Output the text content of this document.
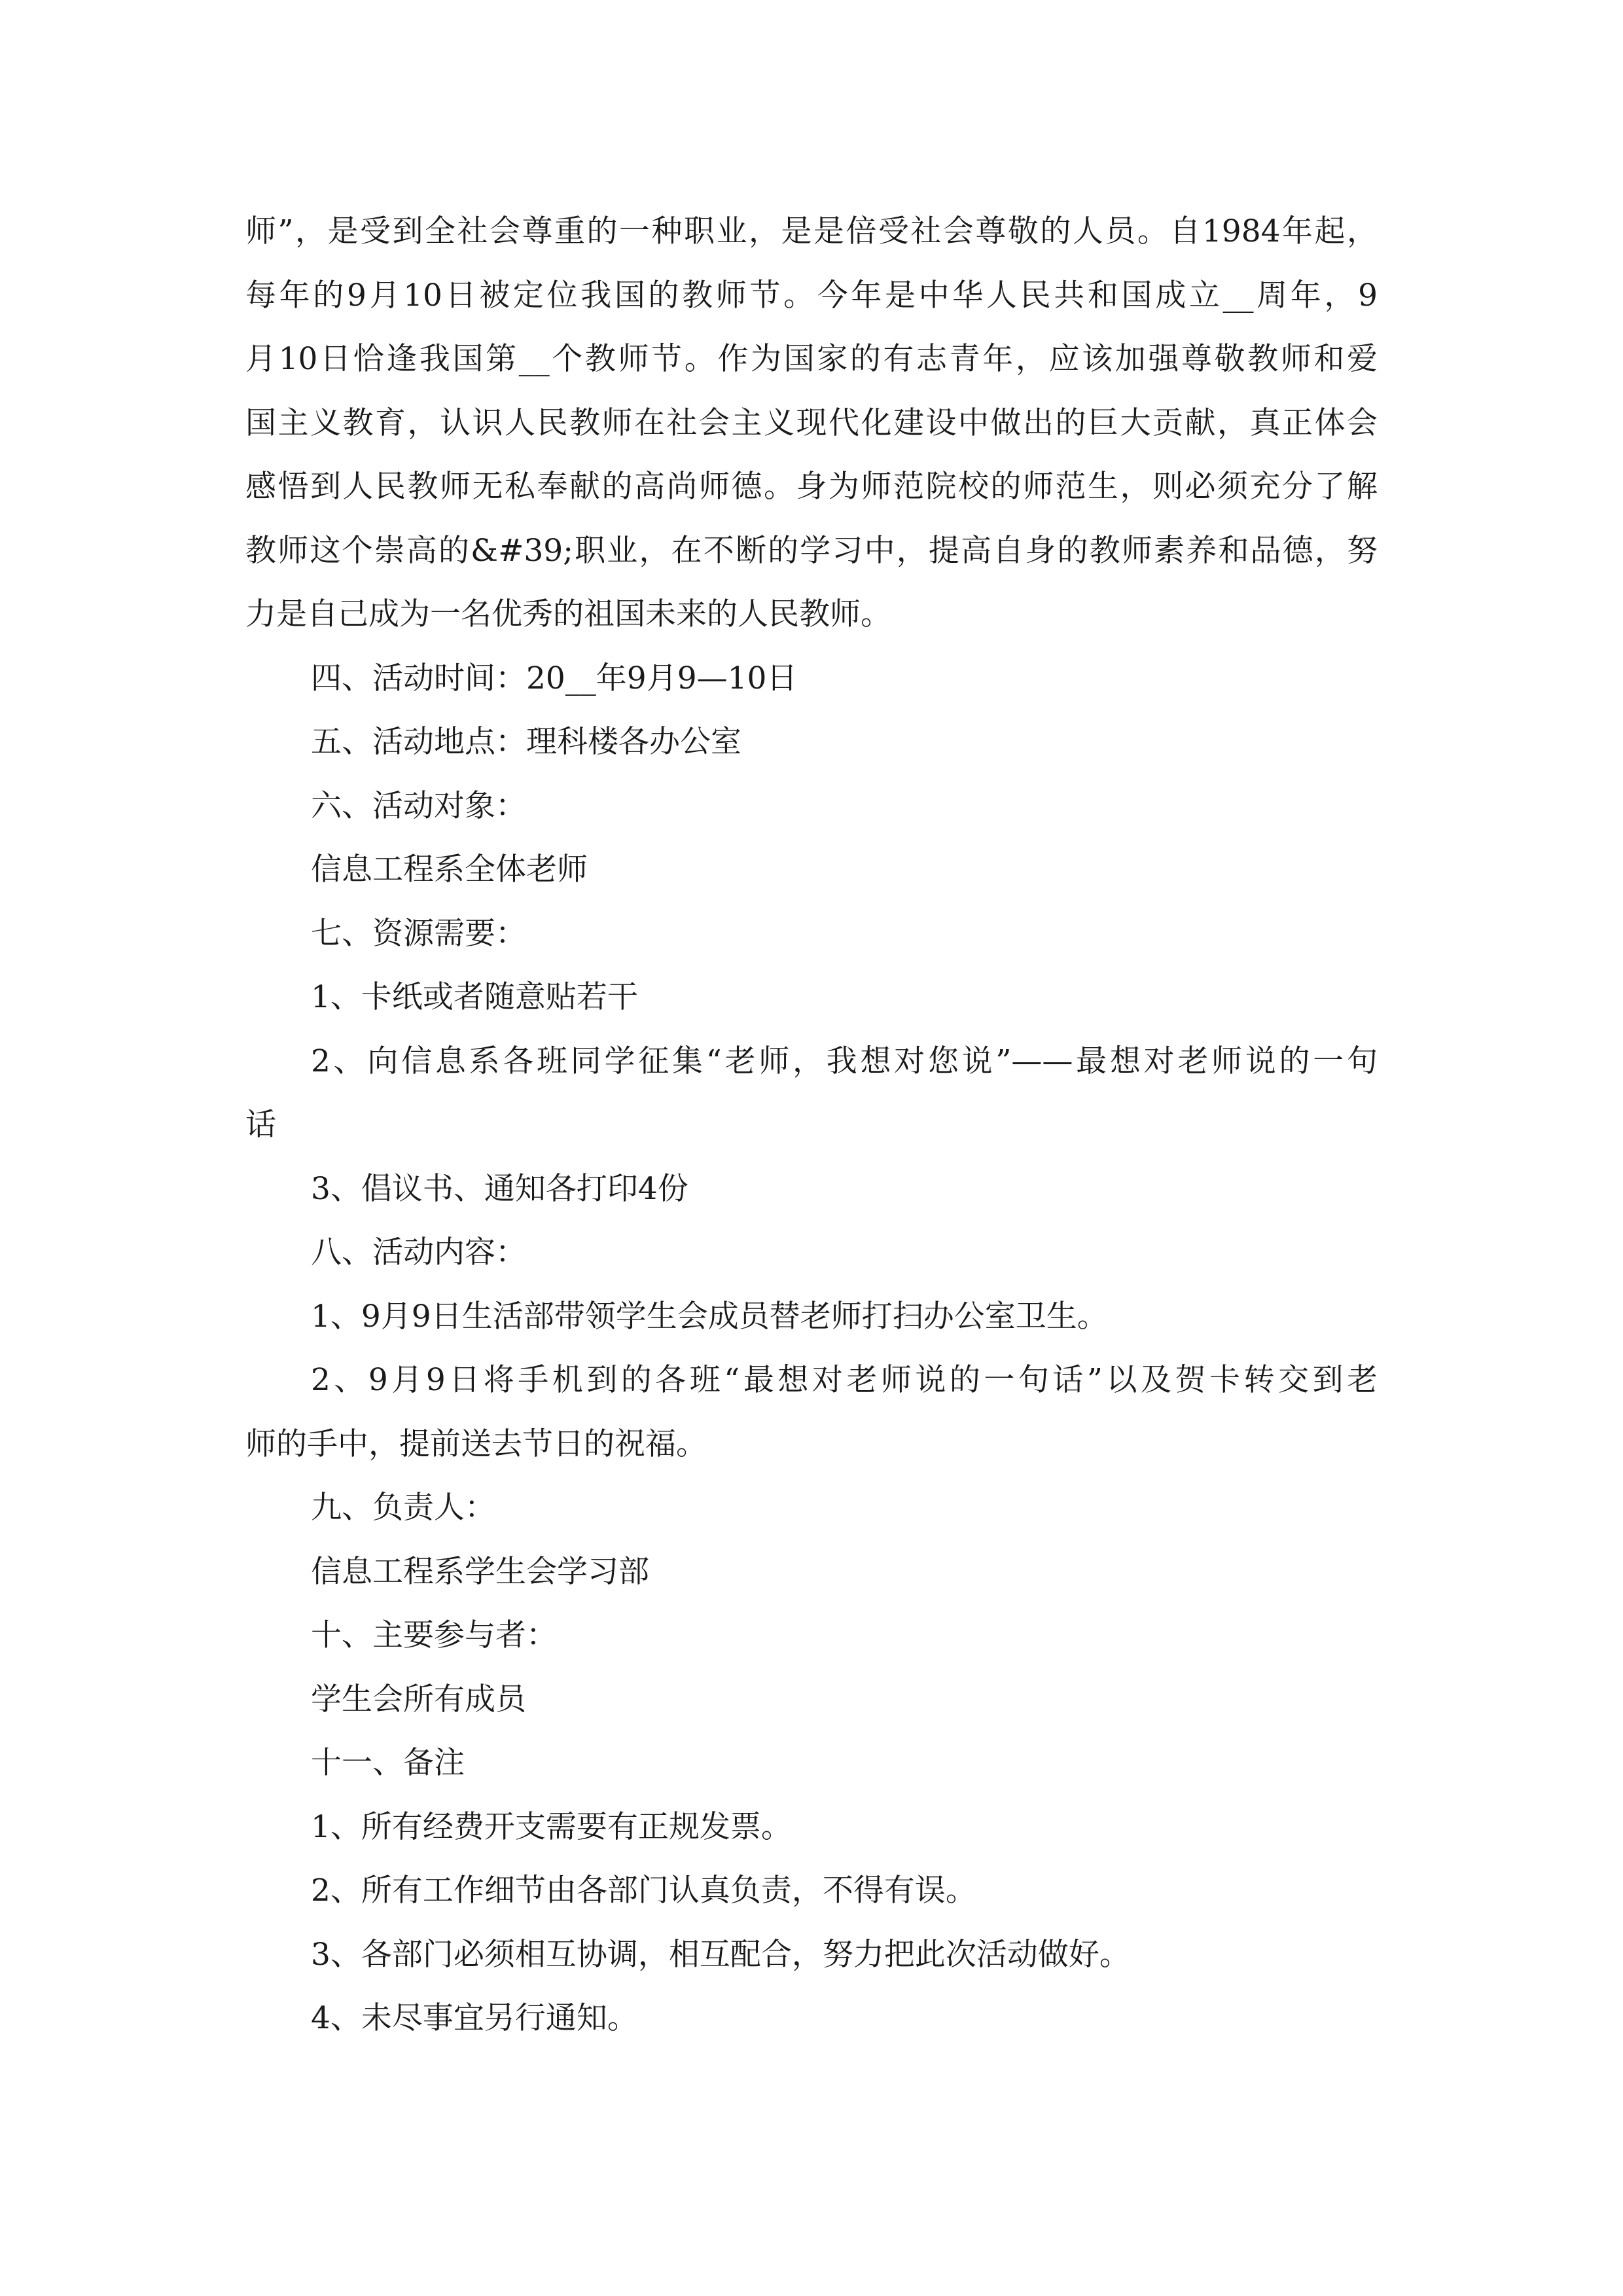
师”，是受到全社会尊重的一种职业，是是倍受社会尊敬的人员。自1984年起，
每年的9月10日被定位我国的教师节。今年是中华人民共和国成立__周年，9
月10日恰逢我国第__个教师节。作为国家的有志青年，应该加强尊敬教师和爱
国主义教育，认识人民教师在社会主义现代化建设中做出的巨大贡献，真正体会
感悟到人民教师无私奉献的高尚师德。身为师范院校的师范生，则必须充分了解
教师这个崇高的&#39;职业，在不断的学习中，提高自身的教师素养和品德，努
力是自己成为一名优秀的祖国未来的人民教师。
四、活动时间：20__年9月9—10日
五、活动地点：理科楼各办公室
六、活动对象：
信息工程系全体老师
七、资源需要：
1、卡纸或者随意贴若干
2、向信息系各班同学征集“老师，我想对您说”——最想对老师说的一句
话
3、倡议书、通知各打印4份
八、活动内容：
1、9月9日生活部带领学生会成员替老师打扫办公室卫生。
2、9月9日将手机到的各班“最想对老师说的一句话”以及贺卡转交到老
师的手中，提前送去节日的祝福。
九、负责人：
信息工程系学生会学习部
十、主要参与者：
学生会所有成员
十一、备注
1、所有经费开支需要有正规发票。
2、所有工作细节由各部门认真负责，不得有误。
3、各部门必须相互协调，相互配合，努力把此次活动做好。
4、未尽事宜另行通知。
